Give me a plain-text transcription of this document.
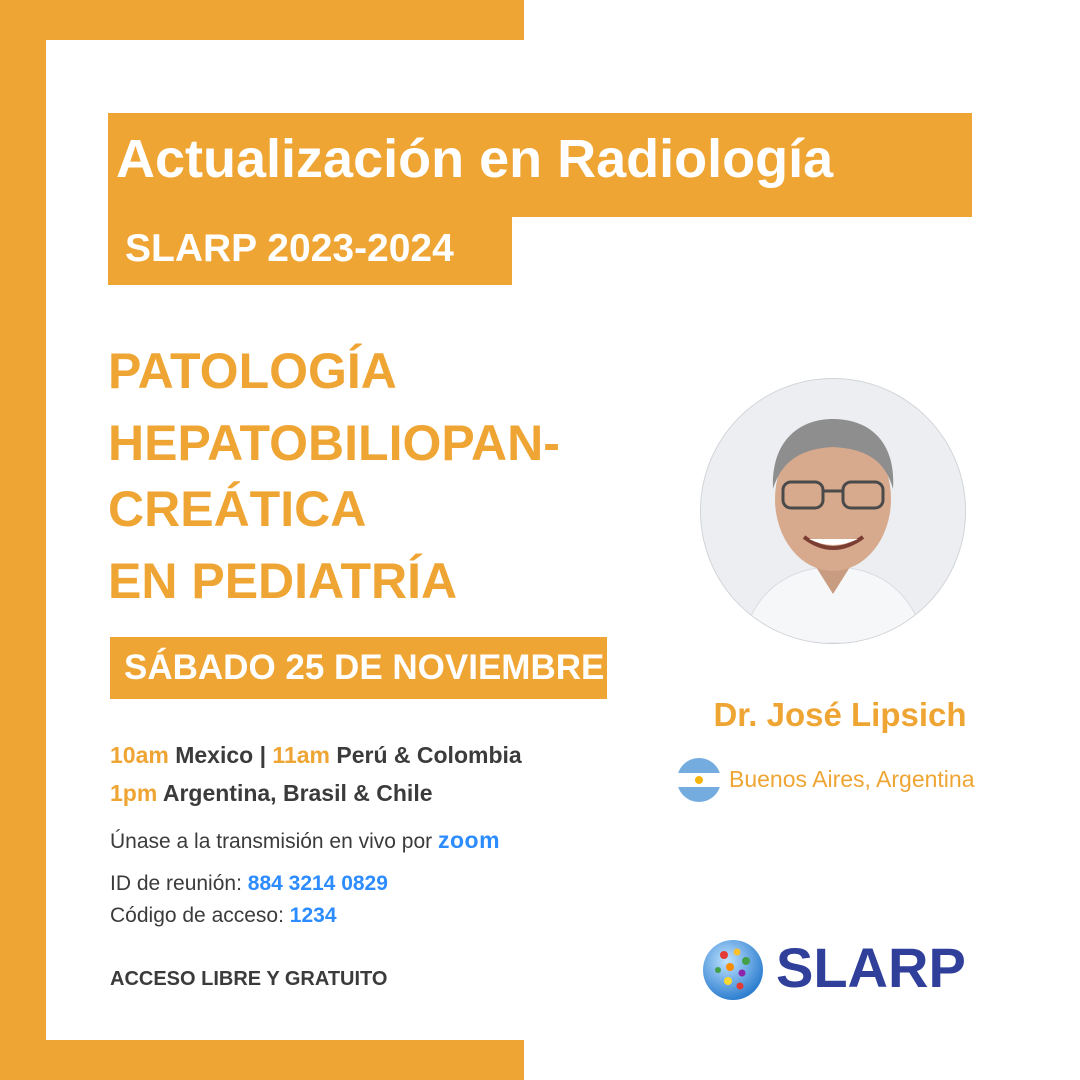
Actualización en Radiología
SLARP 2023-2024
PATOLOGÍA
HEPATOBILIOPAN-
CREÁTICA
EN PEDIATRÍA
SÁBADO 25 DE NOVIEMBRE
10am Mexico | 11am Perú & Colombia
1pm Argentina, Brasil & Chile
Únase a la transmisión en vivo por zoom
ID de reunión: 884 3214 0829
Código de acceso: 1234
ACCESO LIBRE Y GRATUITO
Dr. José Lipsich
Buenos Aires, Argentina
SLARP
